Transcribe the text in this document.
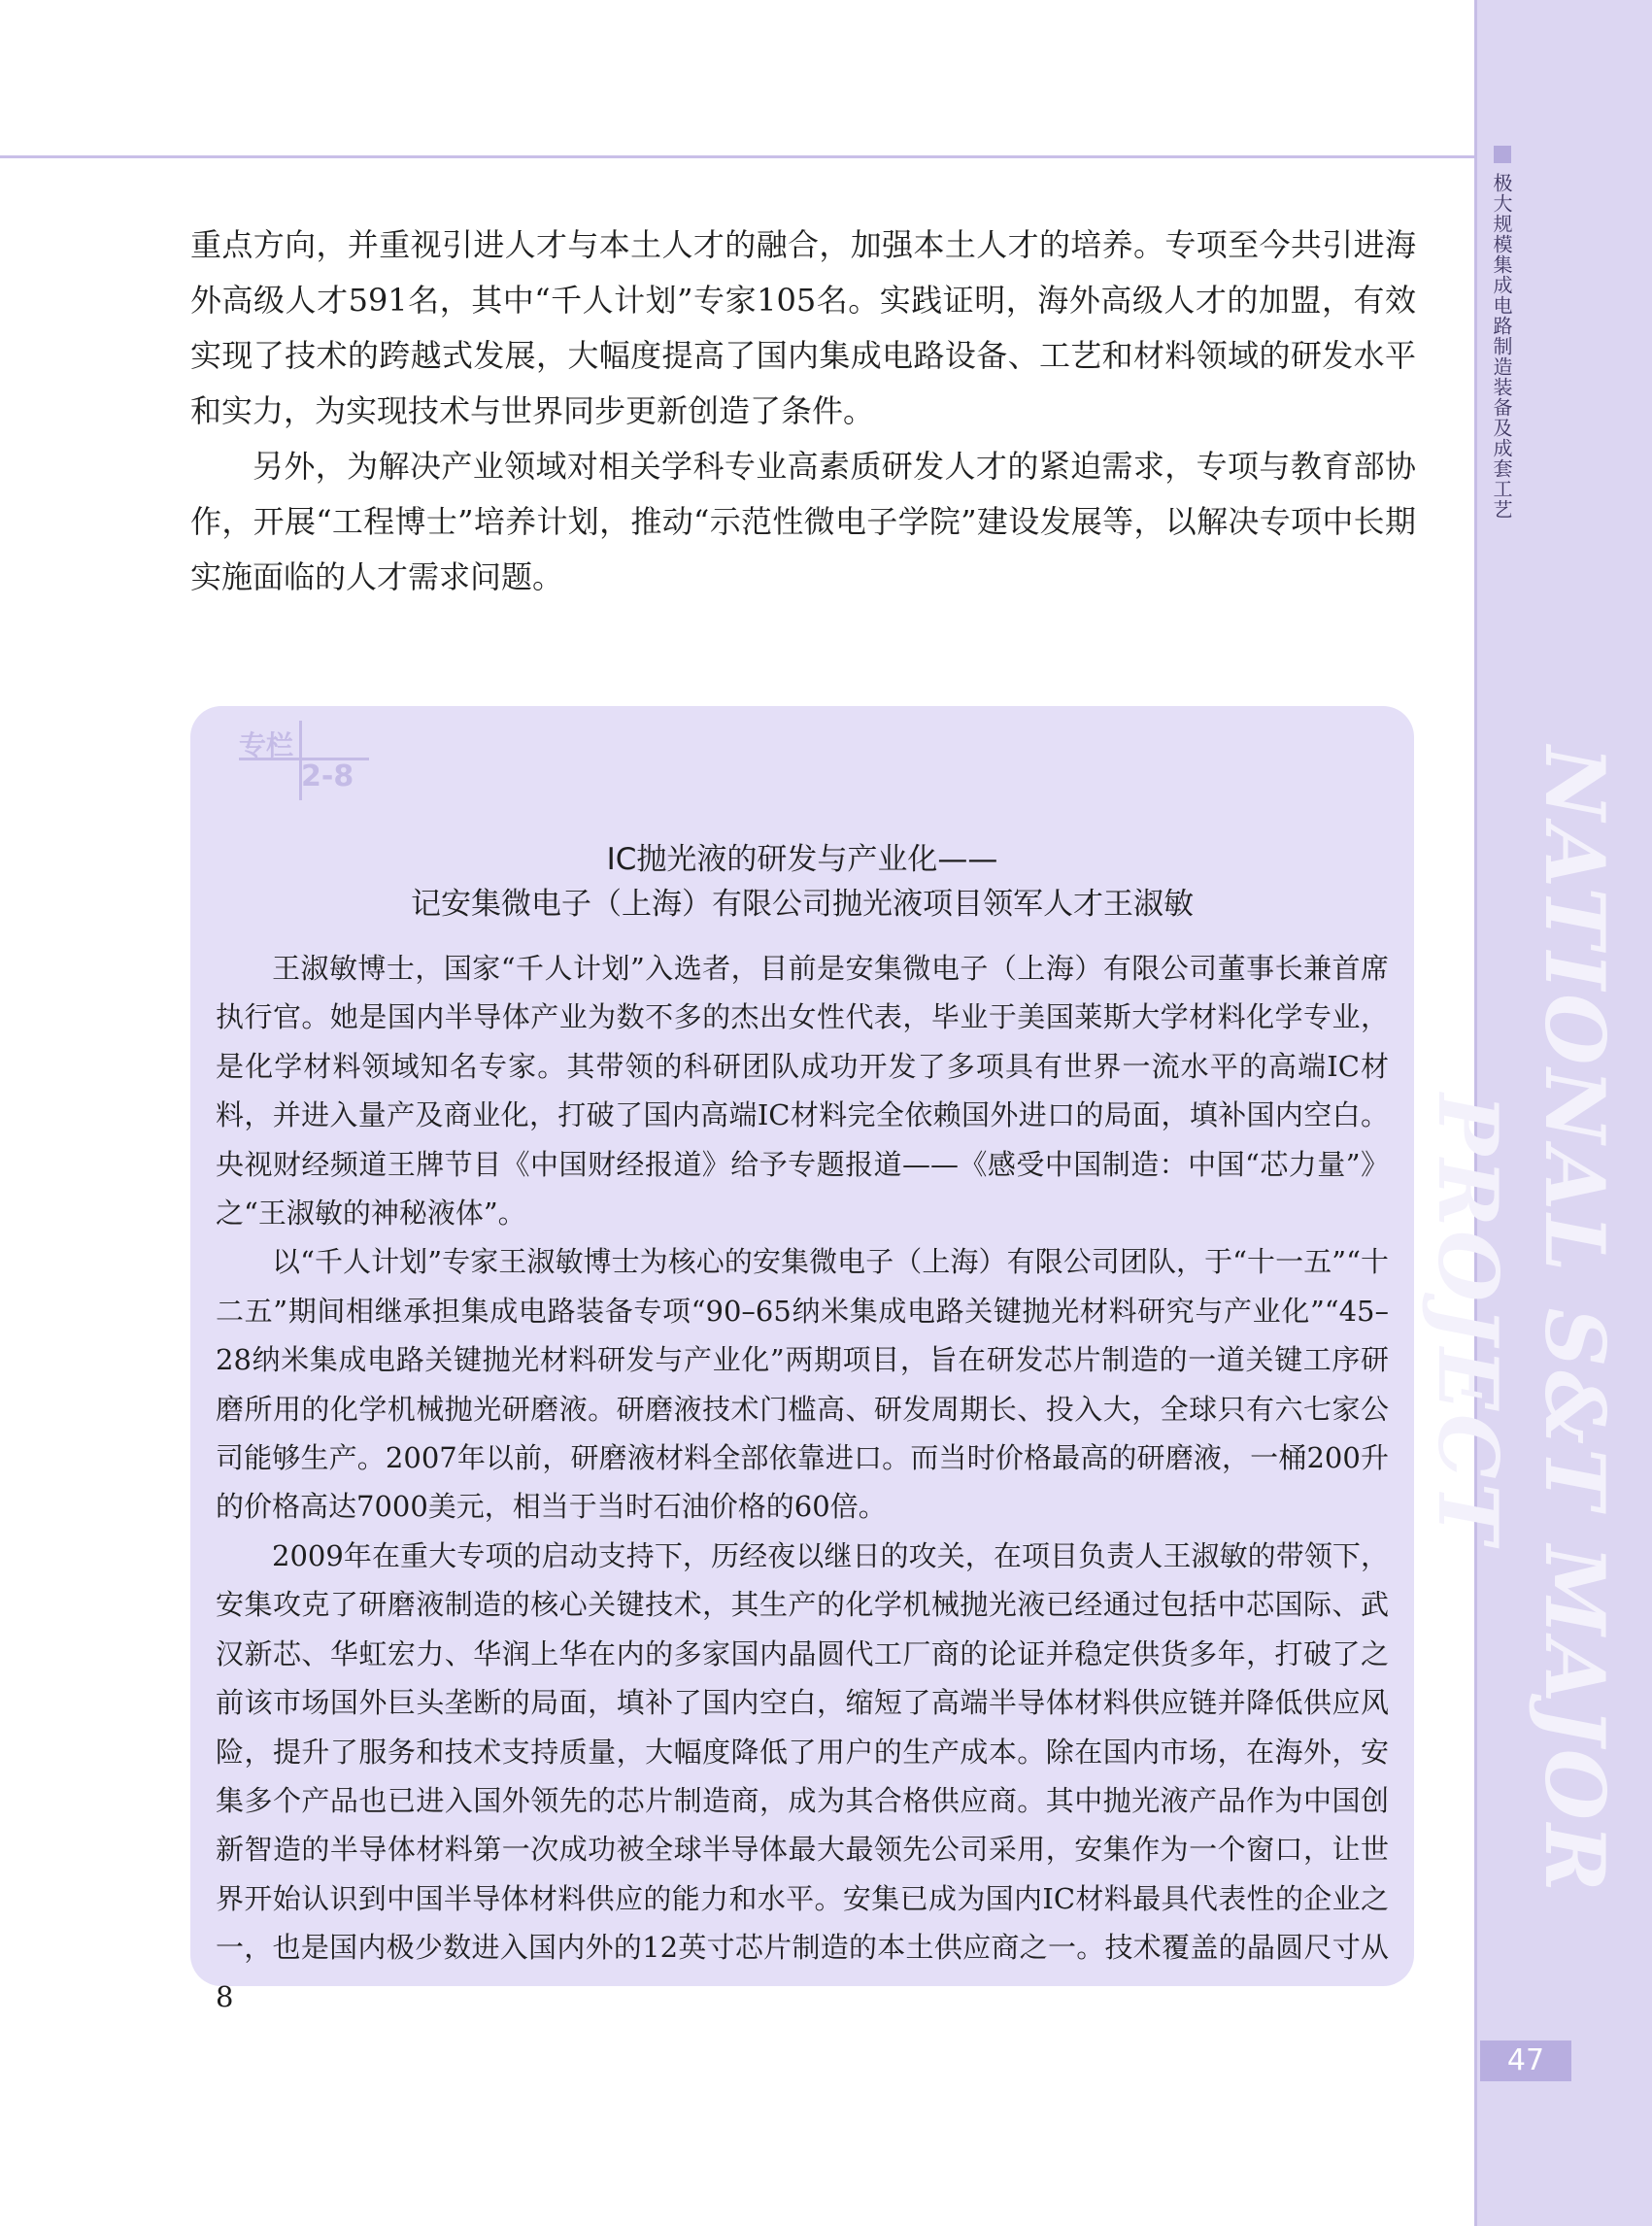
极大规模集成电路制造装备及成套工艺
NATIONAL S&T MAJOR PROJECT
47

重点方向，并重视引进人才与本土人才的融合，加强本土人才的培养。专项至今共引进海外高级人才591名，其中“千人计划”专家105名。实践证明，海外高级人才的加盟，有效实现了技术的跨越式发展，大幅度提高了国内集成电路设备、工艺和材料领域的研发水平和实力，为实现技术与世界同步更新创造了条件。

另外，为解决产业领域对相关学科专业高素质研发人才的紧迫需求，专项与教育部协作，开展“工程博士”培养计划，推动“示范性微电子学院”建设发展等，以解决专项中长期实施面临的人才需求问题。

专栏
2-8
IC抛光液的研发与产业化——
记安集微电子（上海）有限公司抛光液项目领军人才王淑敏

王淑敏博士，国家“千人计划”入选者，目前是安集微电子（上海）有限公司董事长兼首席执行官。她是国内半导体产业为数不多的杰出女性代表，毕业于美国莱斯大学材料化学专业，是化学材料领域知名专家。其带领的科研团队成功开发了多项具有世界一流水平的高端IC材料，并进入量产及商业化，打破了国内高端IC材料完全依赖国外进口的局面，填补国内空白。央视财经频道王牌节目《中国财经报道》给予专题报道——《感受中国制造：中国“芯力量”》之“王淑敏的神秘液体”。

以“千人计划”专家王淑敏博士为核心的安集微电子（上海）有限公司团队，于“十一五”“十二五”期间相继承担集成电路装备专项“90–65纳米集成电路关键抛光材料研究与产业化”“45–28纳米集成电路关键抛光材料研发与产业化”两期项目，旨在研发芯片制造的一道关键工序研磨所用的化学机械抛光研磨液。研磨液技术门槛高、研发周期长、投入大，全球只有六七家公司能够生产。2007年以前，研磨液材料全部依靠进口。而当时价格最高的研磨液，一桶200升的价格高达7000美元，相当于当时石油价格的60倍。

2009年在重大专项的启动支持下，历经夜以继日的攻关，在项目负责人王淑敏的带领下，安集攻克了研磨液制造的核心关键技术，其生产的化学机械抛光液已经通过包括中芯国际、武汉新芯、华虹宏力、华润上华在内的多家国内晶圆代工厂商的论证并稳定供货多年，打破了之前该市场国外巨头垄断的局面，填补了国内空白，缩短了高端半导体材料供应链并降低供应风险，提升了服务和技术支持质量，大幅度降低了用户的生产成本。除在国内市场，在海外，安集多个产品也已进入国外领先的芯片制造商，成为其合格供应商。其中抛光液产品作为中国创新智造的半导体材料第一次成功被全球半导体最大最领先公司采用，安集作为一个窗口，让世界开始认识到中国半导体材料供应的能力和水平。安集已成为国内IC材料最具代表性的企业之一，也是国内极少数进入国内外的12英寸芯片制造的本土供应商之一。技术覆盖的晶圆尺寸从8
